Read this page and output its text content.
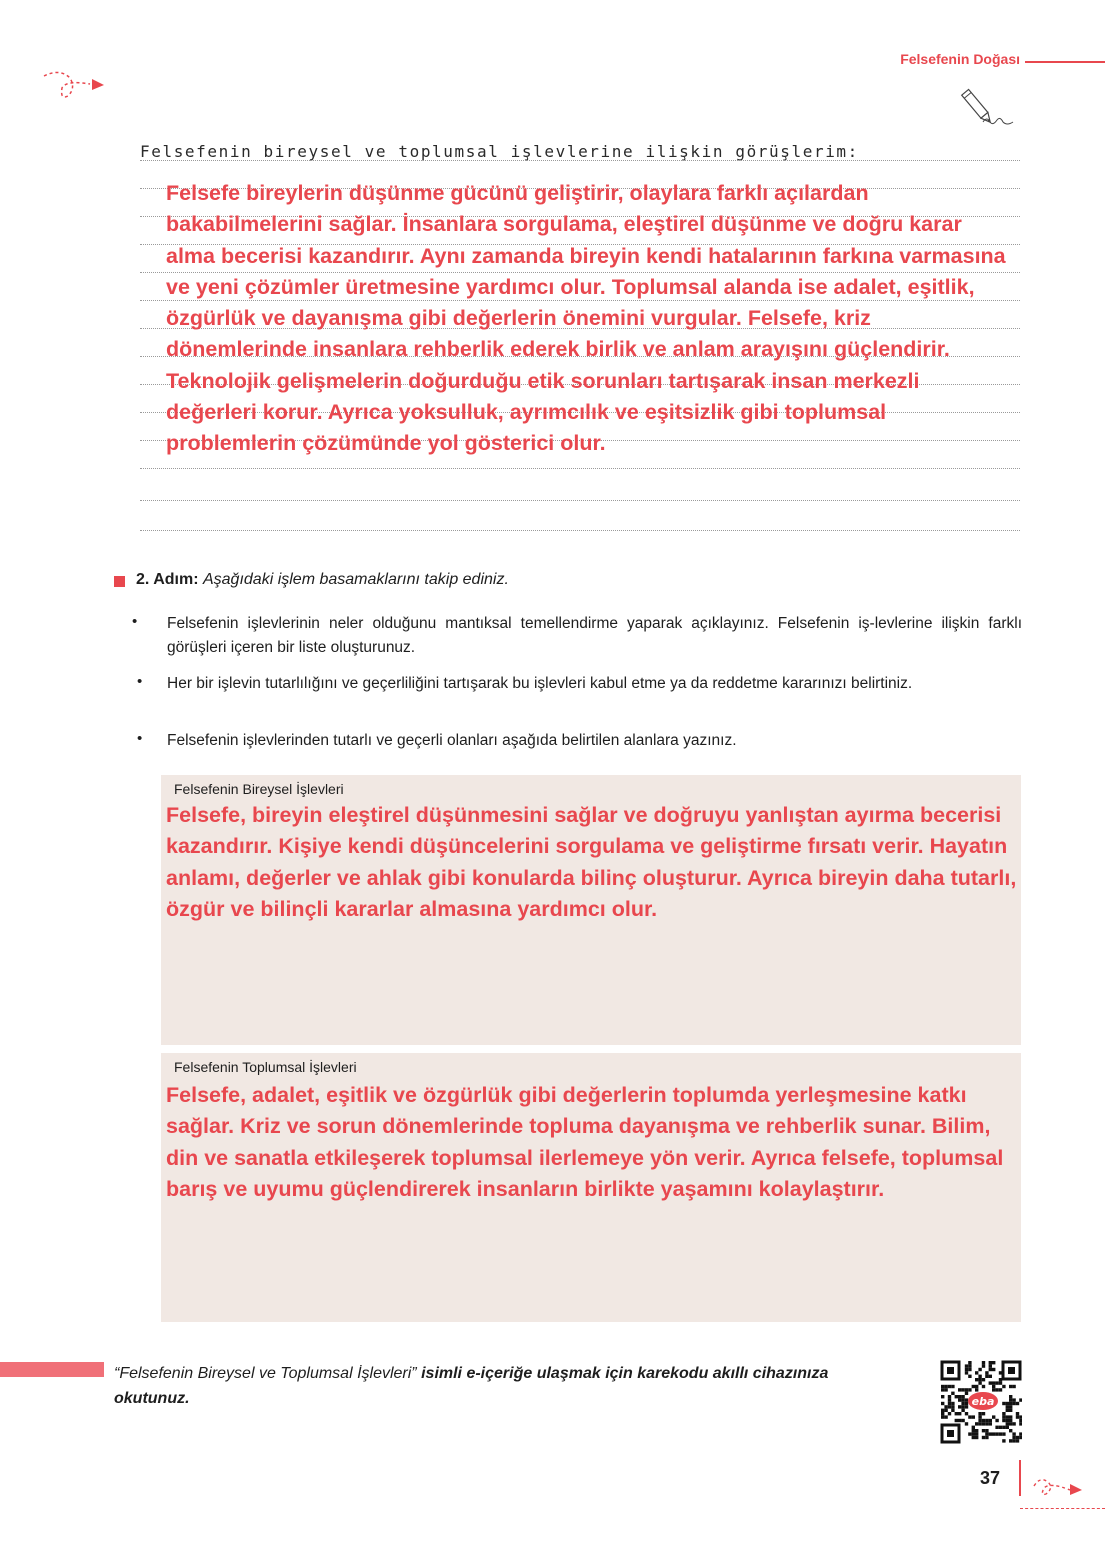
Felsefenin Doğası
Felsefenin bireysel ve toplumsal işlevlerine ilişkin görüşlerim:
Felsefe bireylerin düşünme gücünü geliştirir, olaylara farklı açılardan bakabilmelerini sağlar. İnsanlara sorgulama, eleştirel düşünme ve doğru karar alma becerisi kazandırır. Aynı zamanda bireyin kendi hatalarının farkına varmasına ve yeni çözümler üretmesine yardımcı olur. Toplumsal alanda ise adalet, eşitlik, özgürlük ve dayanışma gibi değerlerin önemini vurgular. Felsefe, kriz dönemlerinde insanlara rehberlik ederek birlik ve anlam arayışını güçlendirir. Teknolojik gelişmelerin doğurduğu etik sorunları tartışarak insan merkezli değerleri korur. Ayrıca yoksulluk, ayrımcılık ve eşitsizlik gibi toplumsal problemlerin çözümünde yol gösterici olur.
2. Adım: Aşağıdaki işlem basamaklarını takip ediniz.
• Felsefenin işlevlerinin neler olduğunu mantıksal temellendirme yaparak açıklayınız. Felsefenin iş-levlerine ilişkin farklı görüşleri içeren bir liste oluşturunuz.
• Her bir işlevin tutarlılığını ve geçerliliğini tartışarak bu işlevleri kabul etme ya da reddetme kararınızı belirtiniz.
• Felsefenin işlevlerinden tutarlı ve geçerli olanları aşağıda belirtilen alanlara yazınız.
Felsefenin Bireysel İşlevleri
Felsefe, bireyin eleştirel düşünmesini sağlar ve doğruyu yanlıştan ayırma becerisi kazandırır. Kişiye kendi düşüncelerini sorgulama ve geliştirme fırsatı verir. Hayatın anlamı, değerler ve ahlak gibi konularda bilinç oluşturur. Ayrıca bireyin daha tutarlı, özgür ve bilinçli kararlar almasına yardımcı olur.
Felsefenin Toplumsal İşlevleri
Felsefe, adalet, eşitlik ve özgürlük gibi değerlerin toplumda yerleşmesine katkı sağlar. Kriz ve sorun dönemlerinde topluma dayanışma ve rehberlik sunar. Bilim, din ve sanatla etkileşerek toplumsal ilerlemeye yön verir. Ayrıca felsefe, toplumsal barış ve uyumu güçlendirerek insanların birlikte yaşamını kolaylaştırır.
“Felsefenin Bireysel ve Toplumsal İşlevleri” isimli e-içeriğe ulaşmak için karekodu akıllı cihazınıza okutunuz.	eba
37
